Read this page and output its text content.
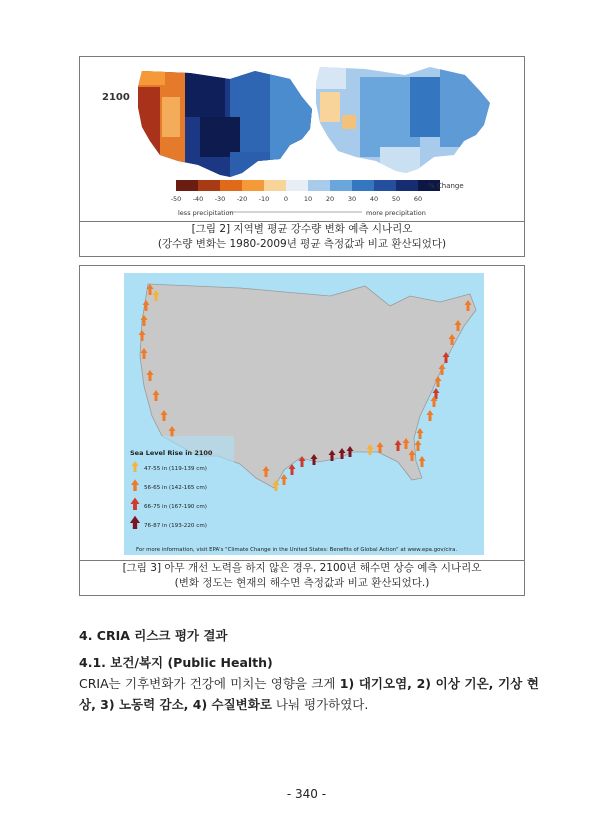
2100
% Change
-50 -40 -30 -20 -10 0 10 20 30 40 50 60
less precipitation	more precipitation
[그림 2] 지역별 평균 강수량 변화 예측 시나리오
(강수량 변화는 1980-2009년 평균 측정값과 비교 환산되었다)
Sea Level Rise in 2100
47-55 in (119-139 cm)
56-65 in (142-165 cm)
66-75 in (167-190 cm)
76-87 in (193-220 cm)
For more information, visit EPA's "Climate Change in the United States: Benefits of Global Action" at www.epa.gov/cira.
[그림 3] 아무 개선 노력을 하지 않은 경우, 2100년 해수면 상승 예측 시나리오
(변화 정도는 현재의 해수면 측정값과 비교 환산되었다.)
4. CRIA 리스크 평가 결과
4.1. 보건/복지 (Public Health)
CRIA는 기후변화가 건강에 미치는 영향을 크게 1) 대기오염, 2) 이상 기온, 기상 현상, 3) 노동력 감소, 4) 수질변화로 나눠 평가하였다.
- 340 -
